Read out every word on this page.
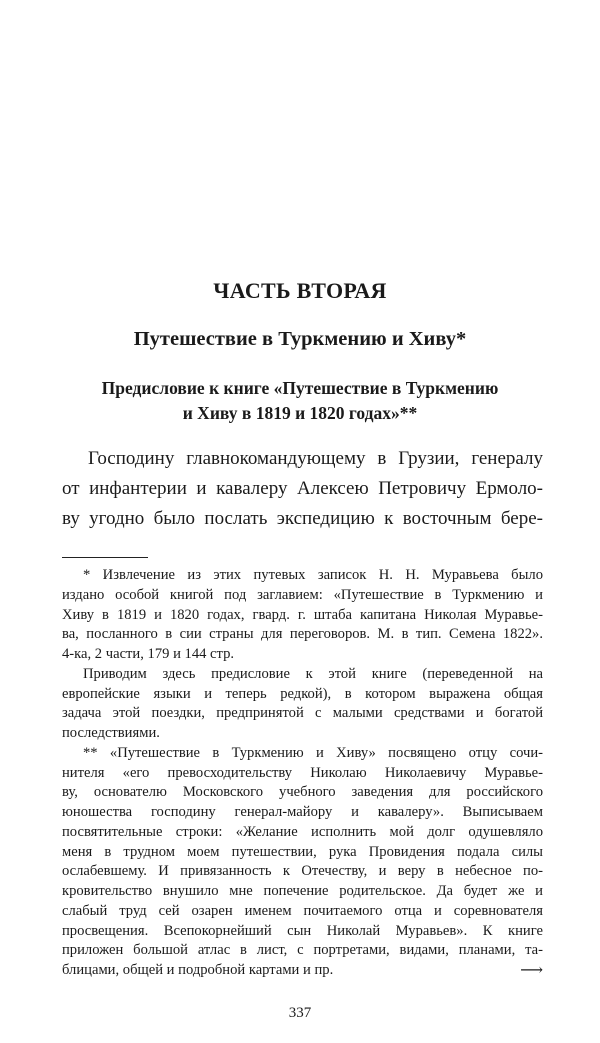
ЧАСТЬ ВТОРАЯ
Путешествие в Туркмению и Хиву*
Предисловие к книге «Путешествие в Туркмению
и Хиву в 1819 и 1820 годах»**
Господину главнокомандующему в Грузии, генералу
от инфантерии и кавалеру Алексею Петровичу Ермоло-
ву угодно было послать экспедицию к восточным бере-
* Извлечение из этих путевых записок Н. Н. Муравьева было
издано особой книгой под заглавием: «Путешествие в Туркмению и
Хиву в 1819 и 1820 годах, гвард. г. штаба капитана Николая Муравье-
ва, посланного в сии страны для переговоров. М. в тип. Семена 1822».
4-ка, 2 части, 179 и 144 стр.
Приводим здесь предисловие к этой книге (переведенной на
европейские языки и теперь редкой), в котором выражена общая
задача этой поездки, предпринятой с малыми средствами и богатой
последствиями.
** «Путешествие в Туркмению и Хиву» посвящено отцу сочи-
нителя «его превосходительству Николаю Николаевичу Муравье-
ву, основателю Московского учебного заведения для российского
юношества господину генерал-майору и кавалеру». Выписываем
посвятительные строки: «Желание исполнить мой долг одушевляло
меня в трудном моем путешествии, рука Провидения подала силы
ослабевшему. И привязанность к Отечеству, и веру в небесное по-
кровительство внушило мне попечение родительское. Да будет же и
слабый труд сей озарен именем почитаемого отца и соревнователя
просвещения. Всепокорнейший сын Николай Муравьев». К книге
приложен большой атлас в лист, с портретами, видами, планами, та-
блицами, общей и подробной картами и пр.	⟶
337
